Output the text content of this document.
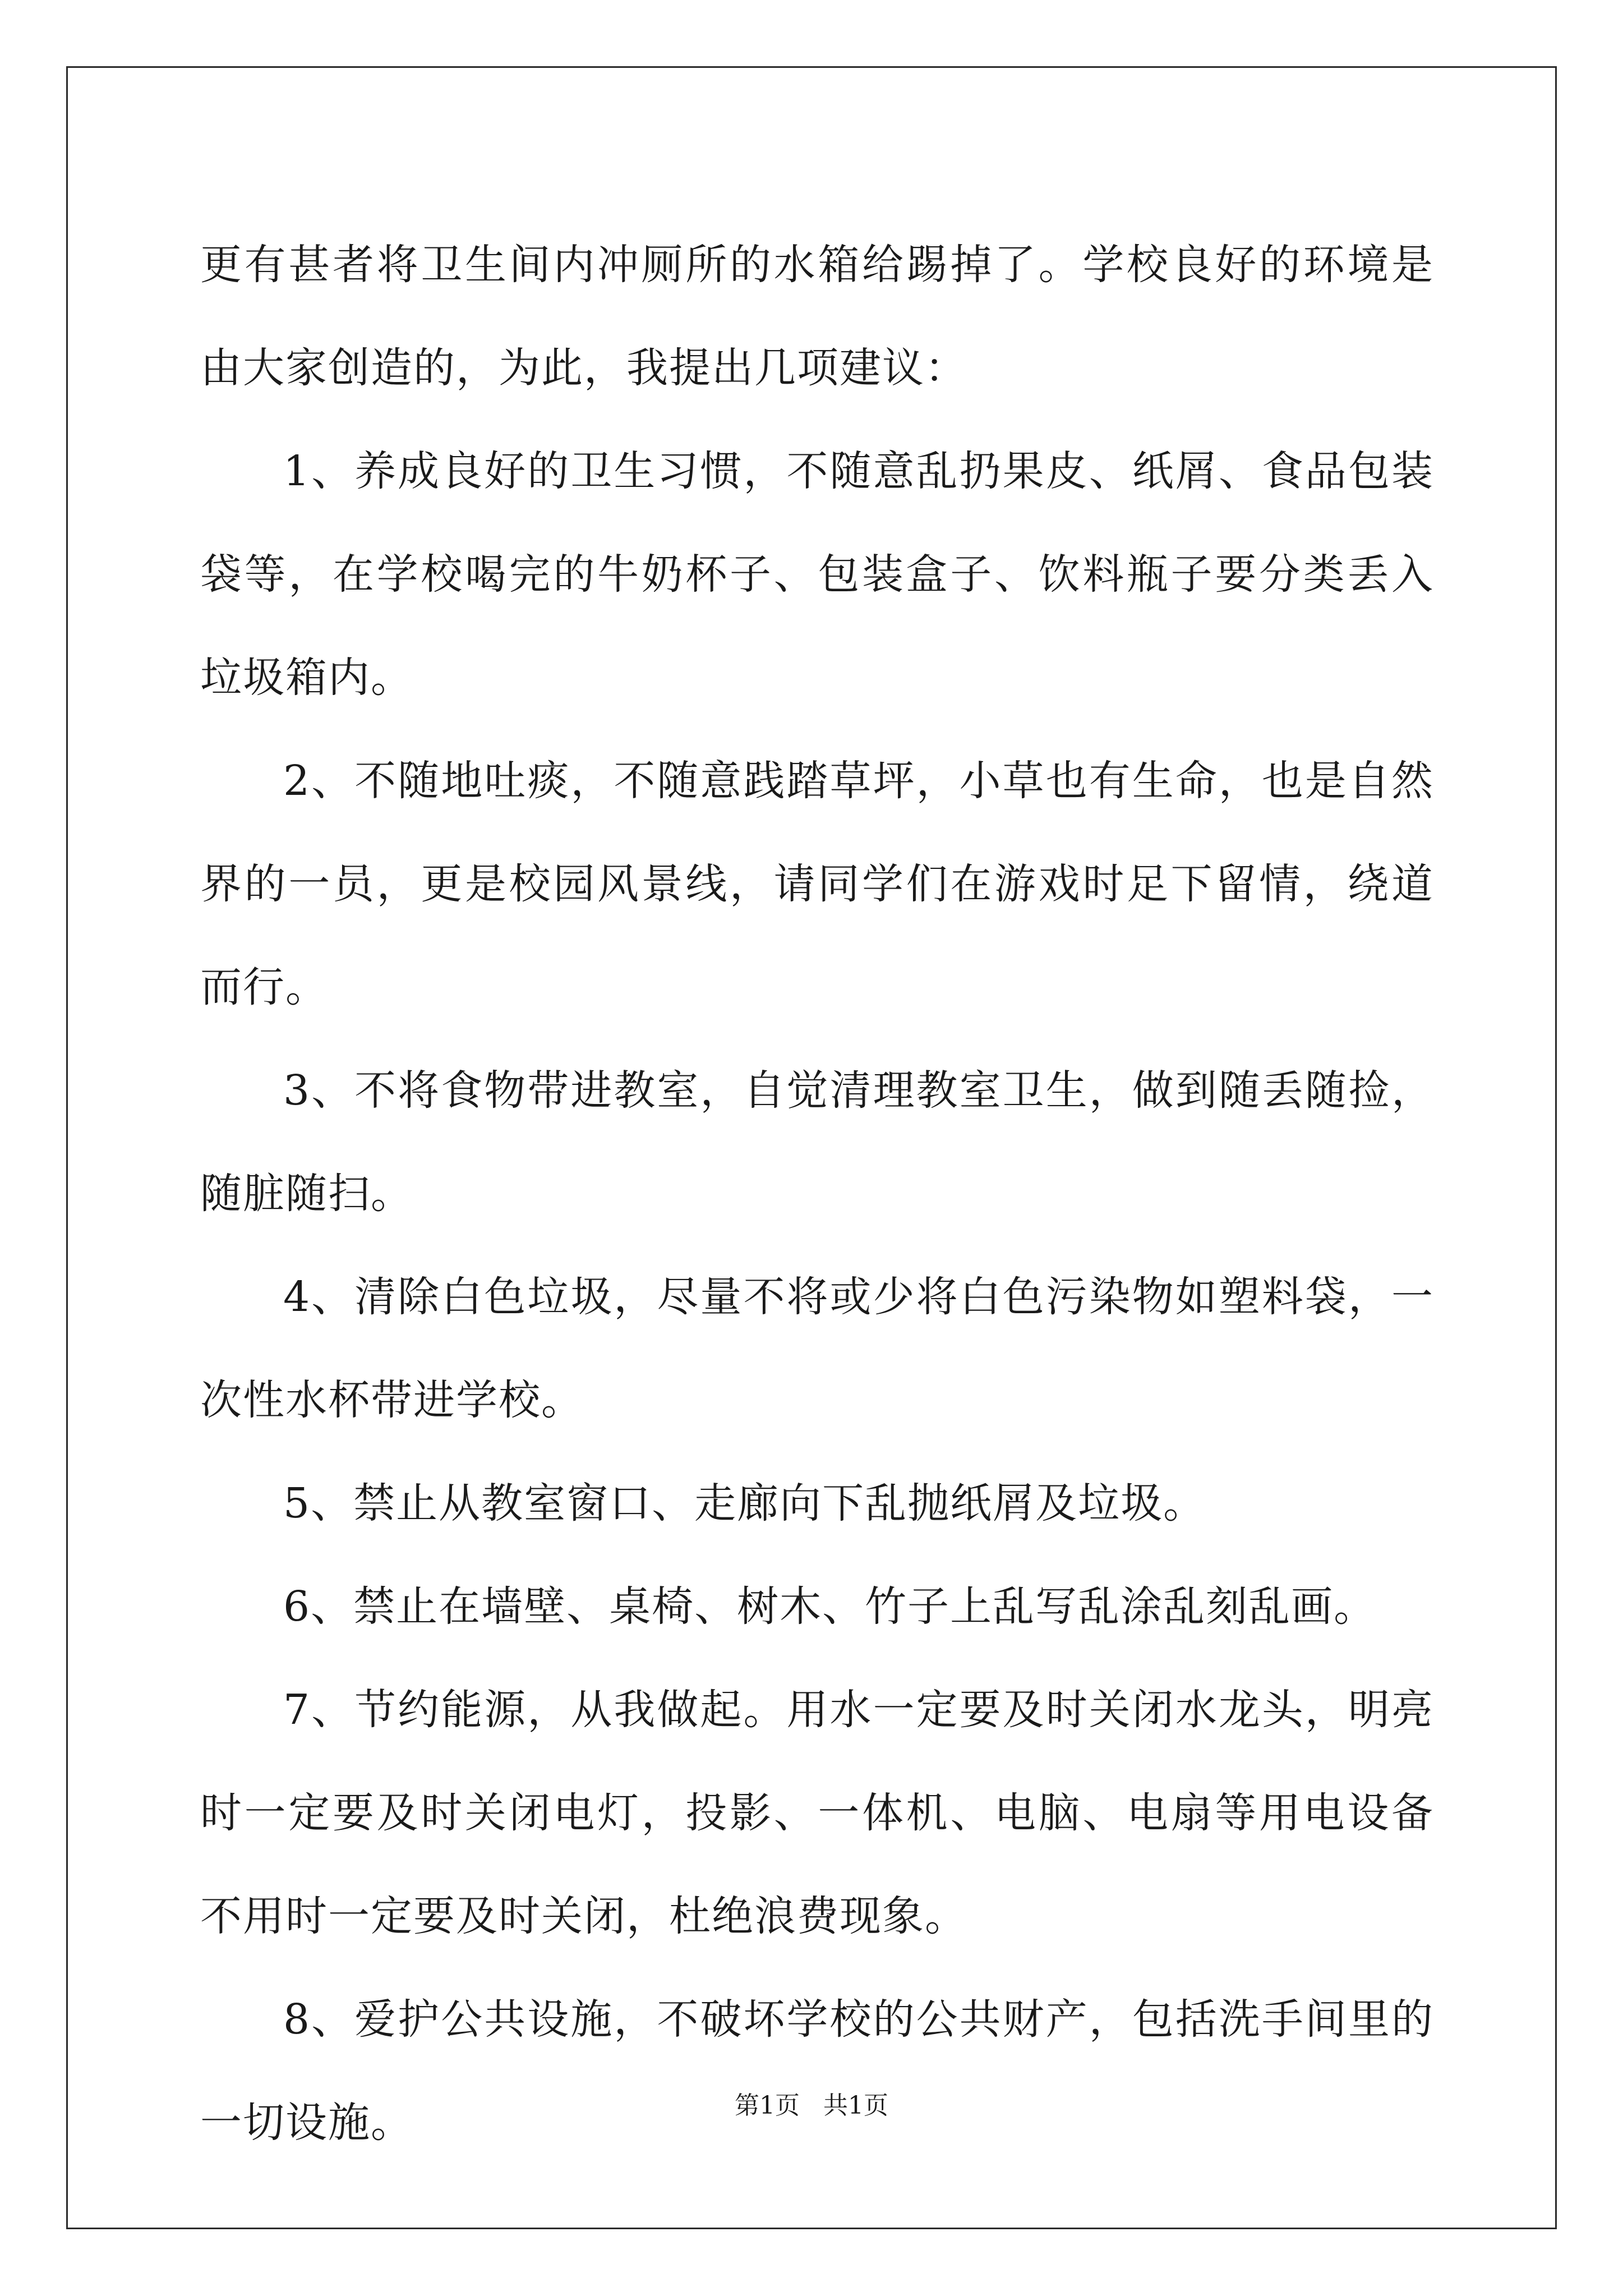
更有甚者将卫生间内冲厕所的水箱给踢掉了。学校良好的环境是由大家创造的，为此，我提出几项建议：

1、养成良好的卫生习惯，不随意乱扔果皮、纸屑、食品包装袋等，在学校喝完的牛奶杯子、包装盒子、饮料瓶子要分类丢入垃圾箱内。

2、不随地吐痰，不随意践踏草坪，小草也有生命，也是自然界的一员，更是校园风景线，请同学们在游戏时足下留情，绕道而行。

3、不将食物带进教室，自觉清理教室卫生，做到随丢随捡，随脏随扫。

4、清除白色垃圾，尽量不将或少将白色污染物如塑料袋，一次性水杯带进学校。

5、禁止从教室窗口、走廊向下乱抛纸屑及垃圾。

6、禁止在墙壁、桌椅、树木、竹子上乱写乱涂乱刻乱画。

7、节约能源，从我做起。用水一定要及时关闭水龙头，明亮时一定要及时关闭电灯，投影、一体机、电脑、电扇等用电设备不用时一定要及时关闭，杜绝浪费现象。

8、爱护公共设施，不破坏学校的公共财产，包括洗手间里的一切设施。	第1页 共1页
